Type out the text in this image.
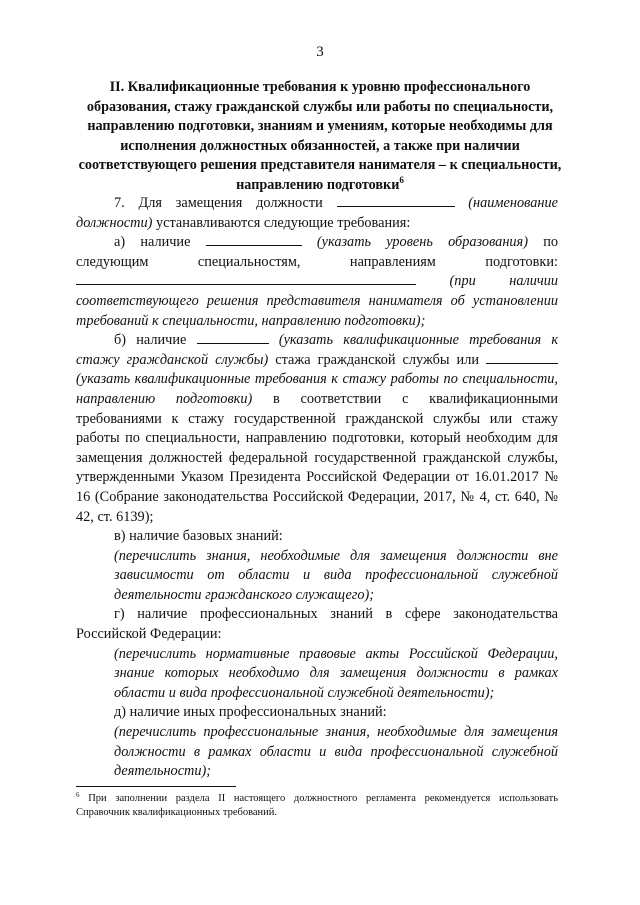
3
II. Квалификационные требования к уровню профессионального образования, стажу гражданской службы или работы по специальности, направлению подготовки, знаниям и умениям, которые необходимы для исполнения должностных обязанностей, а также при наличии соответствующего решения представителя нанимателя – к специальности, направлению подготовки$^6$

7. Для замещения должности	(наименование должности) устанавливаются следующие требования:

а) наличие	(указать уровень образования) по следующим специальностям, направлениям подготовки:  (при наличии соответствующего решения представителя нанимателя об установлении требований к специальности, направлению подготовки);

б) наличие	(указать квалификационные требования к стажу гражданской службы) стажа гражданской службы или  (указать квалификационные требования к стажу работы по специальности, направлению подготовки) в соответствии с квалификационными требованиями к стажу государственной гражданской службы или стажу работы по специальности, направлению подготовки, который необходим для замещения должностей федеральной государственной гражданской службы, утвержденными Указом Президента Российской Федерации от 16.01.2017 № 16 (Собрание законодательства Российской Федерации, 2017, № 4, ст. 640, № 42, ст. 6139);

в) наличие базовых знаний:

(перечислить знания, необходимые для замещения должности вне зависимости от области и вида профессиональной служебной деятельности гражданского служащего);

г) наличие профессиональных знаний в сфере законодательства Российской Федерации:

(перечислить нормативные правовые акты Российской Федерации, знание которых необходимо для замещения должности в рамках области и вида профессиональной служебной деятельности);

д) наличие иных профессиональных знаний:

(перечислить профессиональные знания, необходимые для замещения должности в рамках области и вида профессиональной служебной деятельности);

$^6$ При заполнении раздела II настоящего должностного регламента рекомендуется использовать Справочник квалификационных требований.
